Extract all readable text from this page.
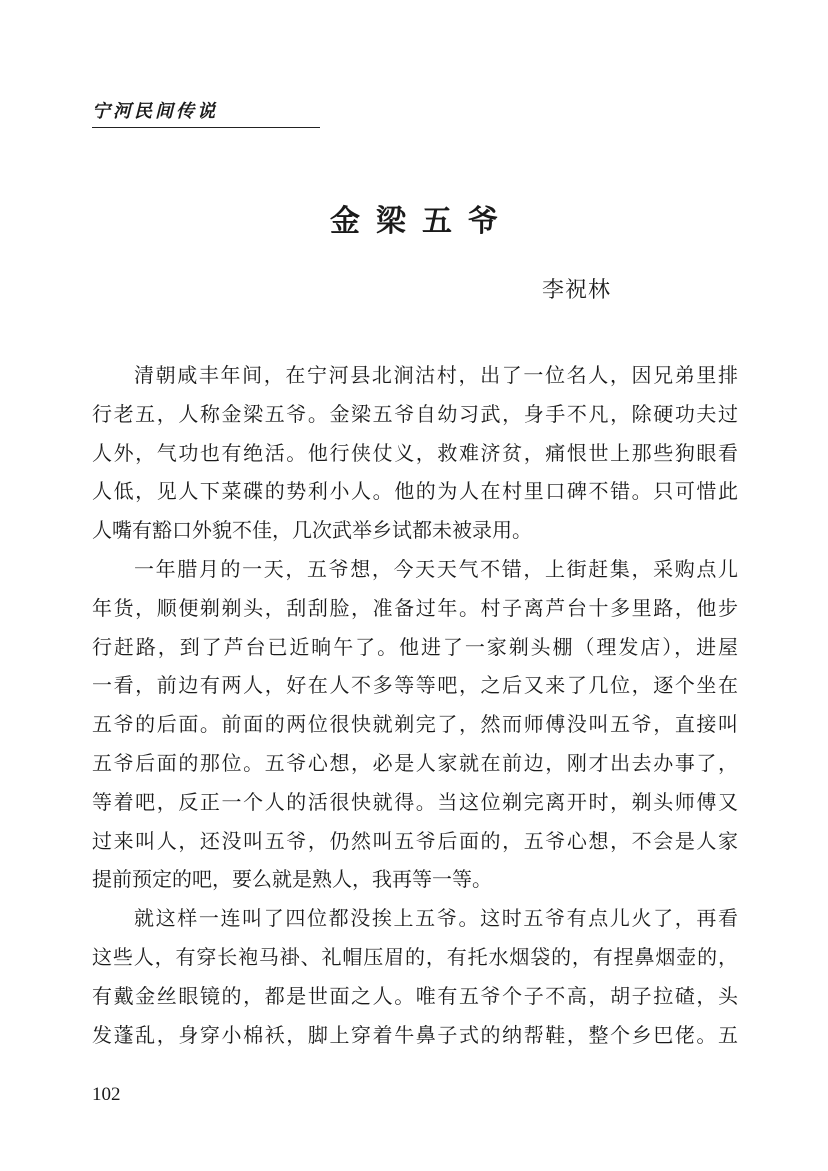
宁河民间传说
金 梁 五 爷
李祝林

清朝咸丰年间，在宁河县北涧沽村，出了一位名人，因兄弟里排
行老五，人称金梁五爷。金梁五爷自幼习武，身手不凡，除硬功夫过
人外，气功也有绝活。他行侠仗义，救难济贫，痛恨世上那些狗眼看
人低，见人下菜碟的势利小人。他的为人在村里口碑不错。只可惜此
人嘴有豁口外貌不佳，几次武举乡试都未被录用。

一年腊月的一天，五爷想，今天天气不错，上街赶集，采购点儿
年货，顺便剃剃头，刮刮脸，准备过年。村子离芦台十多里路，他步
行赶路，到了芦台已近晌午了。他进了一家剃头棚（理发店），进屋
一看，前边有两人，好在人不多等等吧，之后又来了几位，逐个坐在
五爷的后面。前面的两位很快就剃完了，然而师傅没叫五爷，直接叫
五爷后面的那位。五爷心想，必是人家就在前边，刚才出去办事了，
等着吧，反正一个人的活很快就得。当这位剃完离开时，剃头师傅又
过来叫人，还没叫五爷，仍然叫五爷后面的，五爷心想，不会是人家
提前预定的吧，要么就是熟人，我再等一等。

就这样一连叫了四位都没挨上五爷。这时五爷有点儿火了，再看
这些人，有穿长袍马褂、礼帽压眉的，有托水烟袋的，有捏鼻烟壶的，
有戴金丝眼镜的，都是世面之人。唯有五爷个子不高，胡子拉碴，头
发蓬乱，身穿小棉袄，脚上穿着牛鼻子式的纳帮鞋，整个乡巴佬。五

102
